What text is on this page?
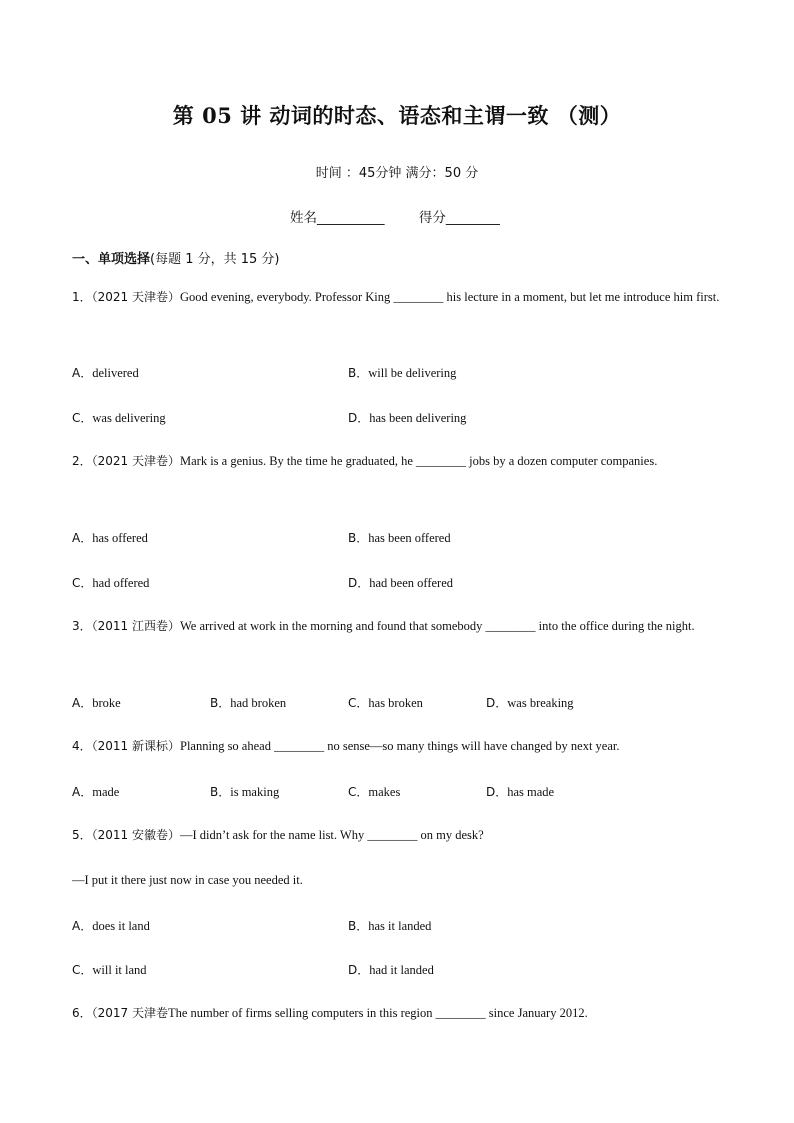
第 05 讲 动词的时态、语态和主谓一致 （测）
时间 ：45分钟 满分：50 分
姓名__________	得分________
一、单项选择(每题 1 分，共 15 分)
1．（2021 天津卷）Good evening, everybody. Professor King ________ his lecture in a moment, but let me introduce him first.
A．delivered	B．will be delivering
C．was delivering	D．has been delivering
2．（2021 天津卷）Mark is a genius. By the time he graduated, he ________ jobs by a dozen computer companies.
A．has offered	B．has been offered
C．had offered	D．had been offered
3．（2011 江西卷）We arrived at work in the morning and found that somebody ________ into the office during the night.
A．broke	B．had broken	C．has broken	D．was breaking
4．（2011 新课标）Planning so ahead ________ no sense—so many things will have changed by next year.
A．made	B．is making	C．makes	D．has made
5．（2011 安徽卷）—I didn’t ask for the name list. Why ________ on my desk?
—I put it there just now in case you needed it.
A．does it land	B．has it landed
C．will it land	D．had it landed
6．（2017 天津卷The number of firms selling computers in this region ________ since January 2012.
